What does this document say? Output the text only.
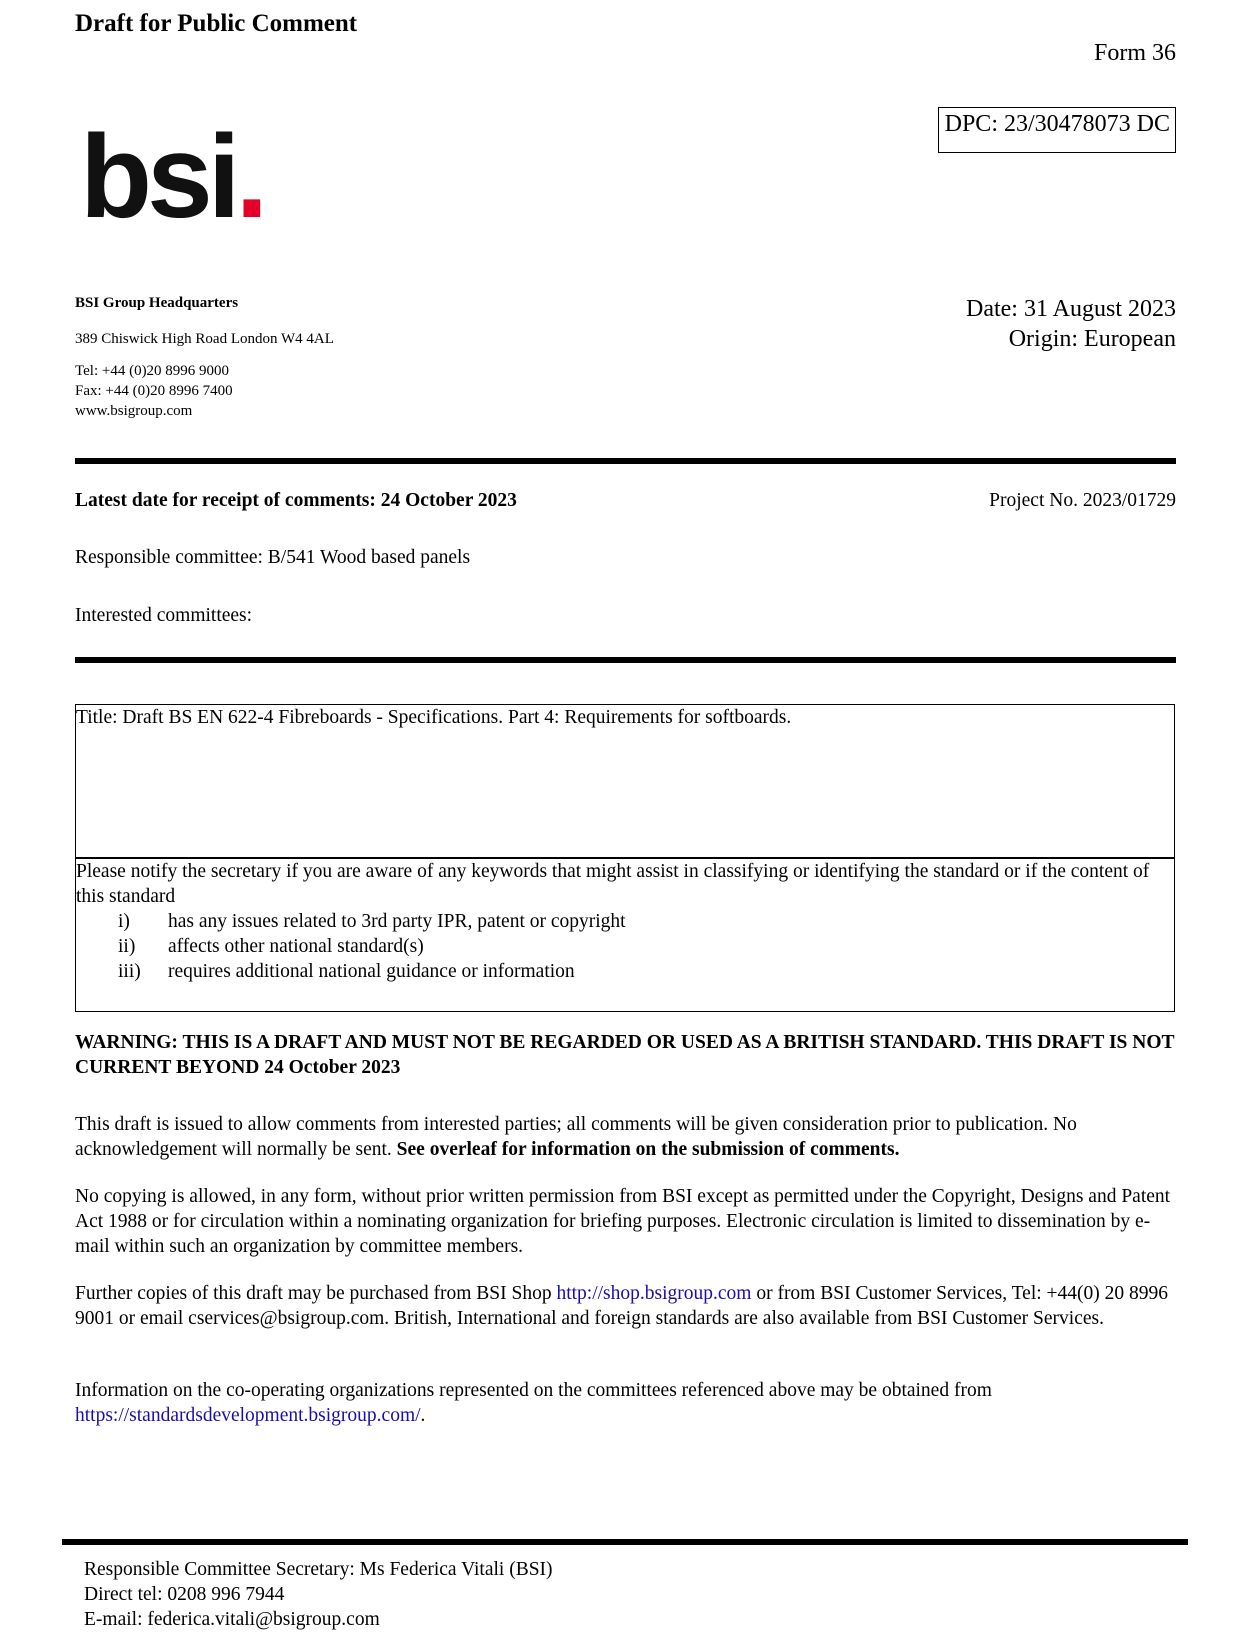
Draft for Public Comment
Form 36
DPC: 23/30478073 DC
bsi.
BSI Group Headquarters
389 Chiswick High Road London W4 4AL
Tel: +44 (0)20 8996 9000
Fax: +44 (0)20 8996 7400
www.bsigroup.com
Date: 31 August 2023
Origin: European
Latest date for receipt of comments: 24 October 2023	Project No. 2023/01729
Responsible committee: B/541 Wood based panels
Interested committees:
Title: Draft BS EN 622-4 Fibreboards - Specifications. Part 4: Requirements for softboards.
Please notify the secretary if you are aware of any keywords that might assist in classifying or identifying the standard or if the content of this standard
i)	has any issues related to 3rd party IPR, patent or copyright
ii)	affects other national standard(s)
iii)	requires additional national guidance or information
WARNING: THIS IS A DRAFT AND MUST NOT BE REGARDED OR USED AS A BRITISH STANDARD. THIS DRAFT IS NOT CURRENT BEYOND 24 October 2023
This draft is issued to allow comments from interested parties; all comments will be given consideration prior to publication. No acknowledgement will normally be sent. See overleaf for information on the submission of comments.
No copying is allowed, in any form, without prior written permission from BSI except as permitted under the Copyright, Designs and Patent Act 1988 or for circulation within a nominating organization for briefing purposes. Electronic circulation is limited to dissemination by e-mail within such an organization by committee members.
Further copies of this draft may be purchased from BSI Shop http://shop.bsigroup.com or from BSI Customer Services, Tel: +44(0) 20 8996 9001 or email cservices@bsigroup.com. British, International and foreign standards are also available from BSI Customer Services.
Information on the co-operating organizations represented on the committees referenced above may be obtained from https://standardsdevelopment.bsigroup.com/.
Responsible Committee Secretary: Ms Federica Vitali (BSI)
Direct tel: 0208 996 7944
E-mail: federica.vitali@bsigroup.com
